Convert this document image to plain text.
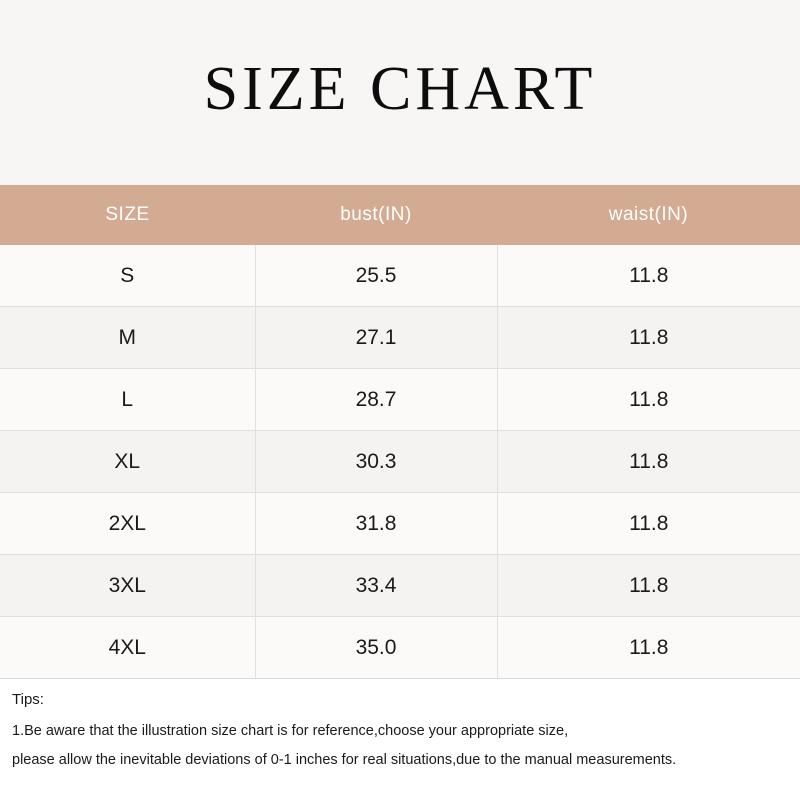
SIZE CHART
SIZE	bust(IN)	waist(IN)
S	25.5	11.8
M	27.1	11.8
L	28.7	11.8
XL	30.3	11.8
2XL	31.8	11.8
3XL	33.4	11.8
4XL	35.0	11.8

Tips:

1.Be aware that the illustration size chart is for reference,choose your appropriate size,

please allow the inevitable deviations of 0-1 inches for real situations,due to the manual measurements.
